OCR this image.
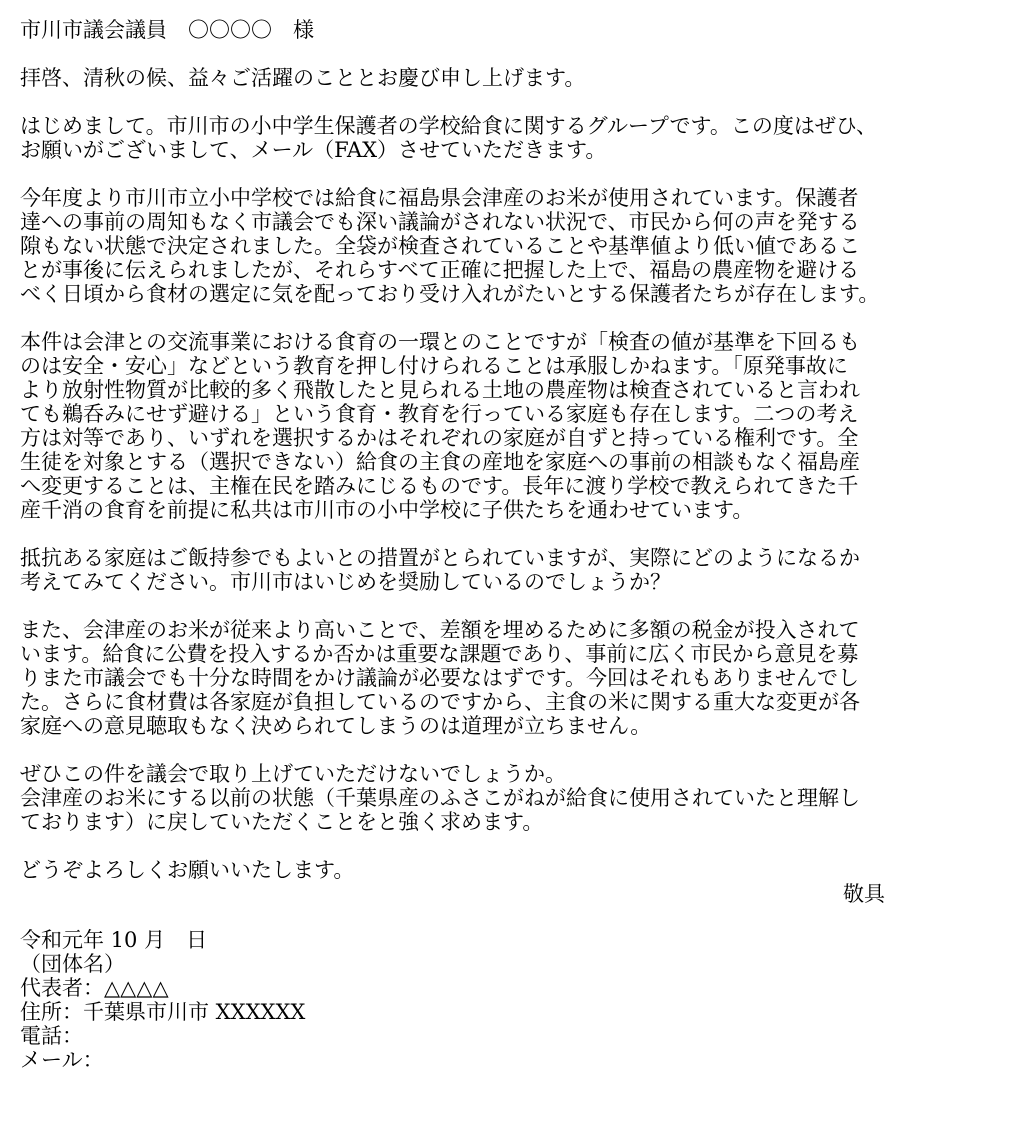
市川市議会議員　〇〇〇〇　様
拝啓、清秋の候、益々ご活躍のこととお慶び申し上げます。
はじめまして。市川市の小中学生保護者の学校給食に関するグループです。この度はぜひ、
お願いがございまして、メール（FAX）させていただきます。
今年度より市川市立小中学校では給食に福島県会津産のお米が使用されています。保護者
達への事前の周知もなく市議会でも深い議論がされない状況で、市民から何の声を発する
隙もない状態で決定されました。全袋が検査されていることや基準値より低い値であるこ
とが事後に伝えられましたが、それらすべて正確に把握した上で、福島の農産物を避ける
べく日頃から食材の選定に気を配っており受け入れがたいとする保護者たちが存在します。
本件は会津との交流事業における食育の一環とのことですが「検査の値が基準を下回るも
のは安全・安心」などという教育を押し付けられることは承服しかねます。「原発事故に
より放射性物質が比較的多く飛散したと見られる土地の農産物は検査されていると言われ
ても鵜呑みにせず避ける」という食育・教育を行っている家庭も存在します。二つの考え
方は対等であり、いずれを選択するかはそれぞれの家庭が自ずと持っている権利です。全
生徒を対象とする（選択できない）給食の主食の産地を家庭への事前の相談もなく福島産
へ変更することは、主権在民を踏みにじるものです。長年に渡り学校で教えられてきた千
産千消の食育を前提に私共は市川市の小中学校に子供たちを通わせています。
抵抗ある家庭はご飯持参でもよいとの措置がとられていますが、実際にどのようになるか
考えてみてください。市川市はいじめを奨励しているのでしょうか？
また、会津産のお米が従来より高いことで、差額を埋めるために多額の税金が投入されて
います。給食に公費を投入するか否かは重要な課題であり、事前に広く市民から意見を募
りまた市議会でも十分な時間をかけ議論が必要なはずです。今回はそれもありませんでし
た。さらに食材費は各家庭が負担しているのですから、主食の米に関する重大な変更が各
家庭への意見聴取もなく決められてしまうのは道理が立ちません。
ぜひこの件を議会で取り上げていただけないでしょうか。
会津産のお米にする以前の状態（千葉県産のふさこがねが給食に使用されていたと理解し
ております）に戻していただくことをと強く求めます。
どうぞよろしくお願いいたします。
敬具
令和元年 10 月　日
（団体名）
代表者：△△△△
住所：千葉県市川市 XXXXXX
電話：
メール：
